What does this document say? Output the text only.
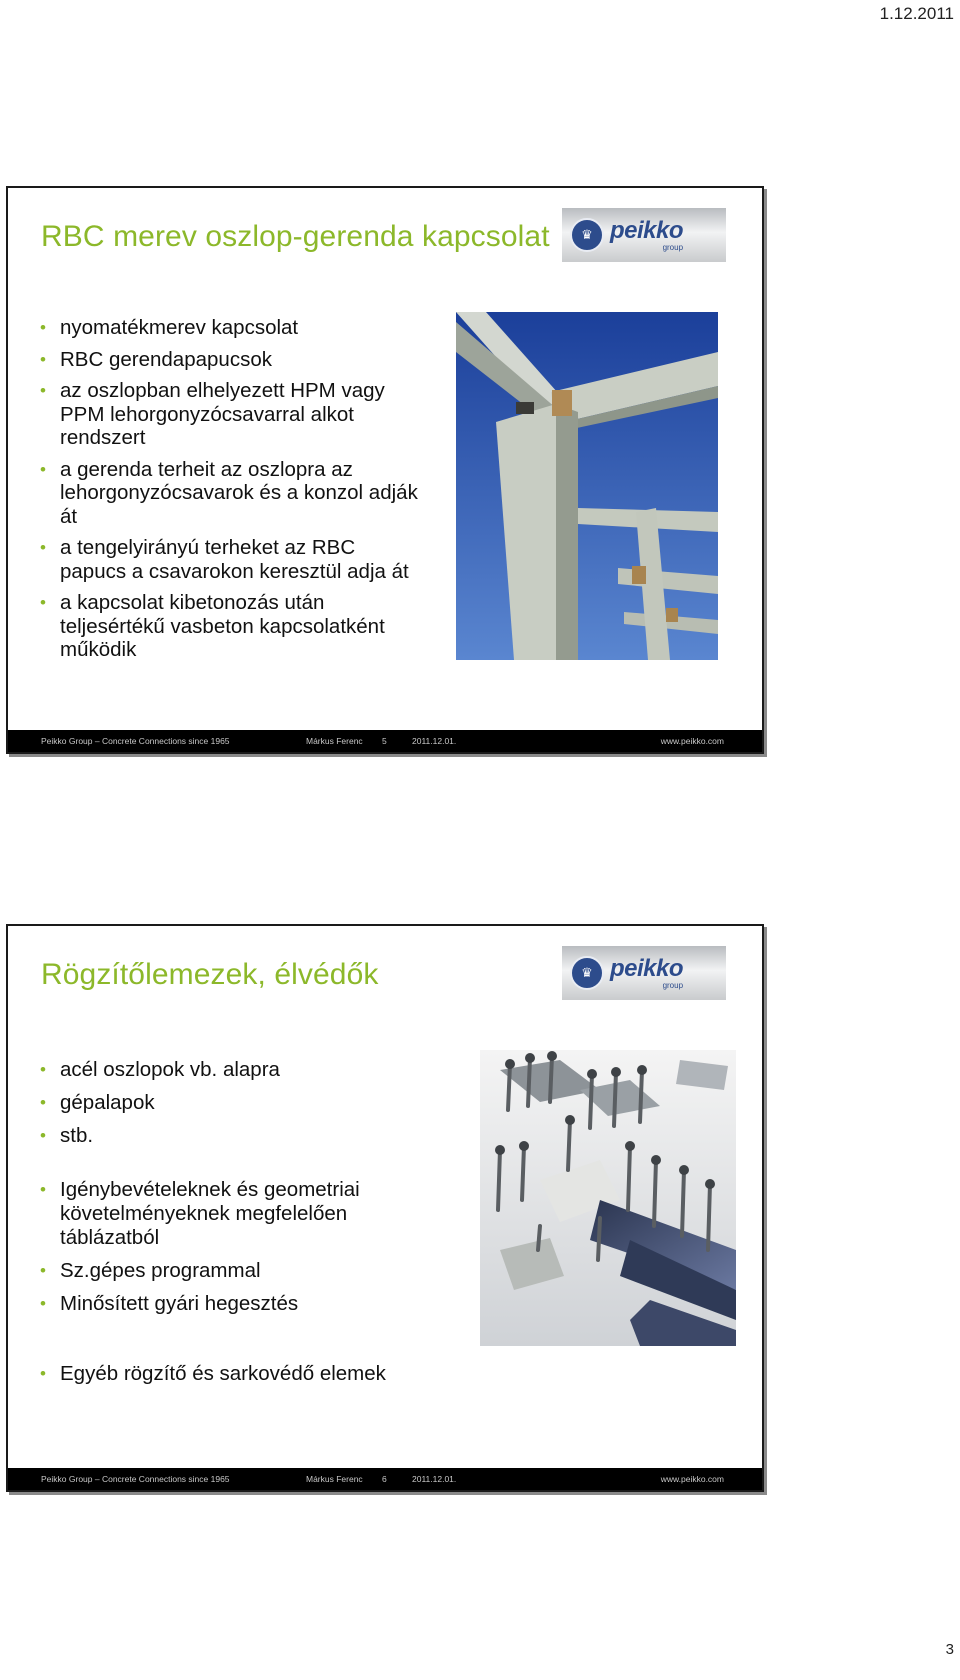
1.12.2011
RBC merev oszlop-gerenda kapcsolat ♛ peikko
group
• nyomatékmerev kapcsolat
• RBC gerendapapucsok
• az oszlopban elhelyezett HPM vagy PPM lehorgonyzócsavarral alkot rendszert
• a gerenda terheit az oszlopra az lehorgonyzócsavarok és a konzol adják át
• a tengelyirányú terheket az RBC papucs a csavarokon keresztül adja át
• a kapcsolat kibetonozás után teljesértékű vasbeton kapcsolatként működik
Peikko Group – Concrete Connections since 1965	Márkus Ferenc 5	2011.12.01.	www.peikko.com
Rögzítőlemezek, élvédők	♛ peikko
group
• acél oszlopok vb. alapra
• gépalapok
• stb.
• Igénybevételeknek és geometriai követelményeknek megfelelően táblázatból
• Sz.gépes programmal
• Minősített gyári hegesztés
• Egyéb rögzítő és sarkovédő elemek
Peikko Group – Concrete Connections since 1965	Márkus Ferenc 6	2011.12.01.	www.peikko.com
3
